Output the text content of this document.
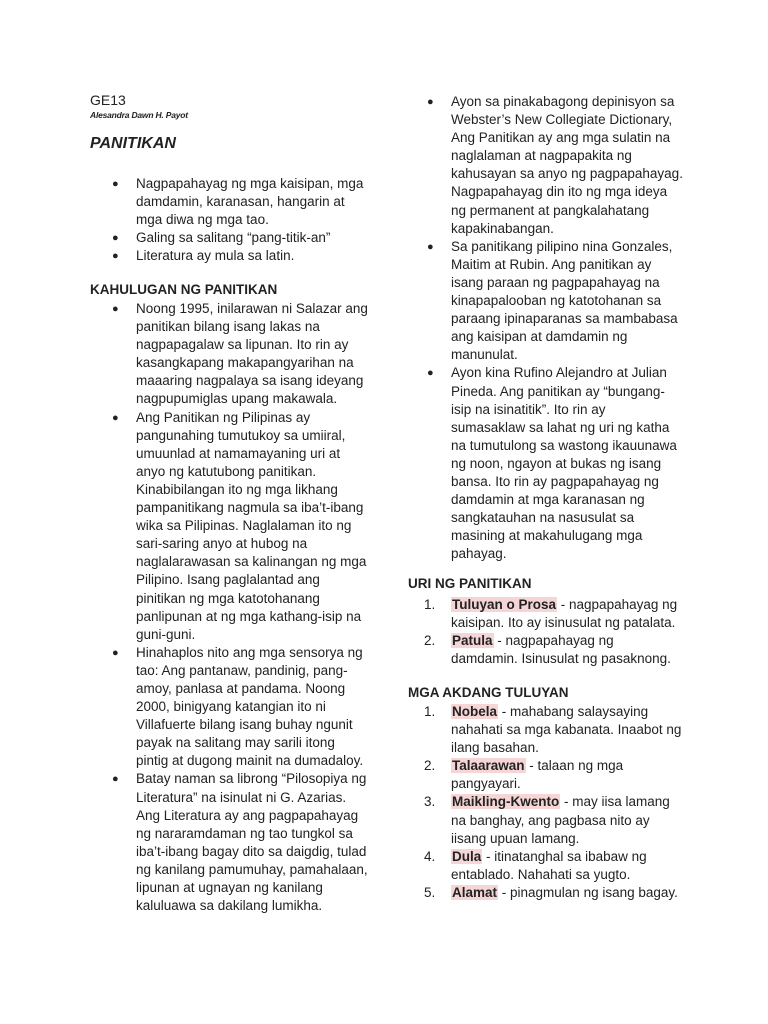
GE13
Alesandra Dawn H. Payot
PANITIKAN
● Nagpapahayag ng mga kaisipan, mga damdamin, karanasan, hangarin at mga diwa ng mga tao.
● Galing sa salitang “pang-titik-an”
● Literatura ay mula sa latin.
KAHULUGAN NG PANITIKAN
● Noong 1995, inilarawan ni Salazar ang panitikan bilang isang lakas na nagpapagalaw sa lipunan. Ito rin ay kasangkapang makapangyarihan na maaaring nagpalaya sa isang ideyang nagpupumiglas upang makawala.
● Ang Panitikan ng Pilipinas ay pangunahing tumutukoy sa umiiral, umuunlad at namamayaning uri at anyo ng katutubong panitikan. Kinabibilangan ito ng mga likhang pampanitikang nagmula sa iba’t-ibang wika sa Pilipinas. Naglalaman ito ng sari-saring anyo at hubog na naglalarawasan sa kalinangan ng mga Pilipino. Isang paglalantad ang pinitikan ng mga katotohanang panlipunan at ng mga kathang-isip na guni-guni.
● Hinahaplos nito ang mga sensorya ng tao: Ang pantanaw, pandinig, pang-amoy, panlasa at pandama. Noong 2000, binigyang katangian ito ni Villafuerte bilang isang buhay ngunit payak na salitang may sarili itong pintig at dugong mainit na dumadaloy.
● Batay naman sa librong “Pilosopiya ng Literatura” na isinulat ni G. Azarias. Ang Literatura ay ang pagpapahayag ng nararamdaman ng tao tungkol sa iba’t-ibang bagay dito sa daigdig, tulad ng kanilang pamumuhay, pamahalaan, lipunan at ugnayan ng kanilang kaluluawa sa dakilang lumikha.
● Ayon sa pinakabagong depinisyon sa Webster’s New Collegiate Dictionary, Ang Panitikan ay ang mga sulatin na naglalaman at nagpapakita ng kahusayan sa anyo ng pagpapahayag. Nagpapahayag din ito ng mga ideya ng permanent at pangkalahatang kapakinabangan.
● Sa panitikang pilipino nina Gonzales, Maitim at Rubin. Ang panitikan ay isang paraan ng pagpapahayag na kinapapalooban ng katotohanan sa paraang ipinaparanas sa mambabasa ang kaisipan at damdamin ng manunulat.
● Ayon kina Rufino Alejandro at Julian Pineda. Ang panitikan ay “bungang-isip na isinatitik”. Ito rin ay sumasaklaw sa lahat ng uri ng katha na tumutulong sa wastong ikauunawa ng noon, ngayon at bukas ng isang bansa. Ito rin ay pagpapahayag ng damdamin at mga karanasan ng sangkatauhan na nasusulat sa masining at makahulugang mga pahayag.
URI NG PANITIKAN
1. Tuluyan o Prosa - nagpapahayag ng kaisipan. Ito ay isinusulat ng patalata.
2. Patula - nagpapahayag ng damdamin. Isinusulat ng pasaknong.
MGA AKDANG TULUYAN
1. Nobela - mahabang salaysaying nahahati sa mga kabanata. Inaabot ng ilang basahan.
2. Talaarawan - talaan ng mga pangyayari.
3. Maikling-Kwento - may iisa lamang na banghay, ang pagbasa nito ay iisang upuan lamang.
4. Dula - itinatanghal sa ibabaw ng entablado. Nahahati sa yugto.
5. Alamat - pinagmulan ng isang bagay.
